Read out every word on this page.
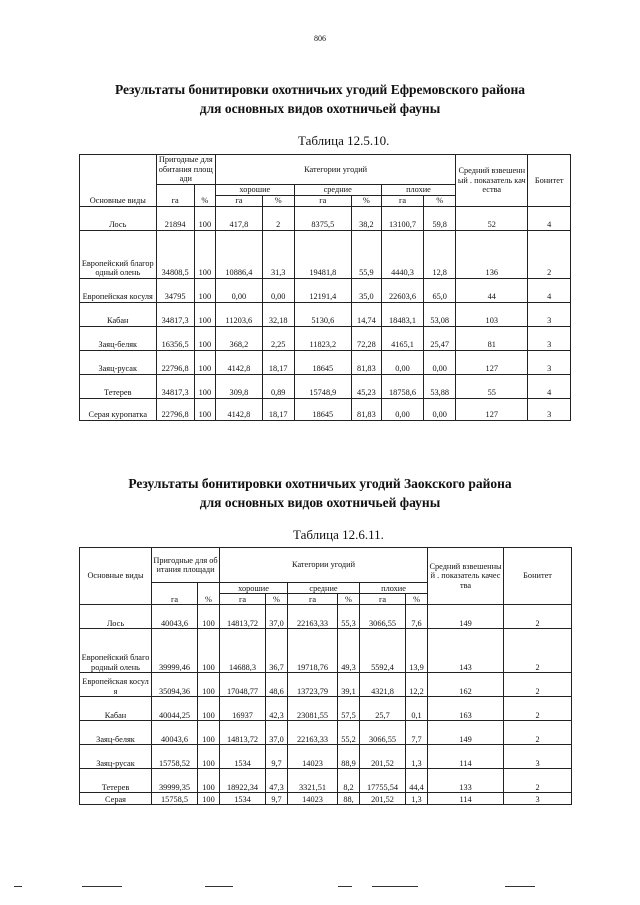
806
Результаты бонитировки охотничьих угодий Ефремовского района
для основных видов охотничьей фауны
Таблица 12.5.10.
Основные виды	Пригодные для обитания площади		Категории угодий						Средний взвешенный . показатель качества	Бонитет
	га	%	хорошие		средние		плохие			
			га	%	га	%	га	%		
Лось	21894	100	417,8	2	8375,5	38,2	13100,7	59,8	52	4
Европейский благородный олень	34808,5	100	10886,4	31,3	19481,8	55,9	4440,3	12,8	136	2
Европейская косуля	34795	100	0,00	0,00	12191,4	35,0	22603,6	65,0	44	4
Кабан	34817,3	100	11203,6	32,18	5130,6	14,74	18483,1	53,08	103	3
Заяц-беляк	16356,5	100	368,2	2,25	11823,2	72,28	4165,1	25,47	81	3
Заяц-русак	22796,8	100	4142,8	18,17	18645	81,83	0,00	0,00	127	3
Тетерев	34817,3	100	309,8	0,89	15748,9	45,23	18758,6	53,88	55	4
Серая куропатка	22796,8	100	4142,8	18,17	18645	81,83	0,00	0,00	127	3
Результаты бонитировки охотничьих угодий Заокского района
для основных видов охотничьей фауны
Таблица 12.6.11.
Основные виды	Пригодные для обитания площади		Категории угодий						Средний взвешенный . показатель качества	Бонитет
	га	%	хорошие		средние		плохие			
			га	%	га	%	га	%		
Лось	40043,6	100	14813,72	37,0	22163,33	55,3	3066,55	7,6	149	2
Европейский благородный олень	39999,46	100	14688,3	36,7	19718,76	49,3	5592,4	13,9	143	2
Европейская косуля	35094,36	100	17048,77	48,6	13723,79	39,1	4321,8	12,2	162	2
Кабан	40044,25	100	16937	42,3	23081,55	57,5	25,7	0,1	163	2
Заяц-беляк	40043,6	100	14813,72	37,0	22163,33	55,2	3066,55	7,7	149	2
Заяц-русак	15758,52	100	1534	9,7	14023	88,9	201,52	1,3	114	3
Тетерев	39999,35	100	18922,34	47,3	3321,51	8,2	17755,54	44,4	133	2
Серая	15758,5	100	1534	9,7	14023	88,	201,52	1,3	114	3
